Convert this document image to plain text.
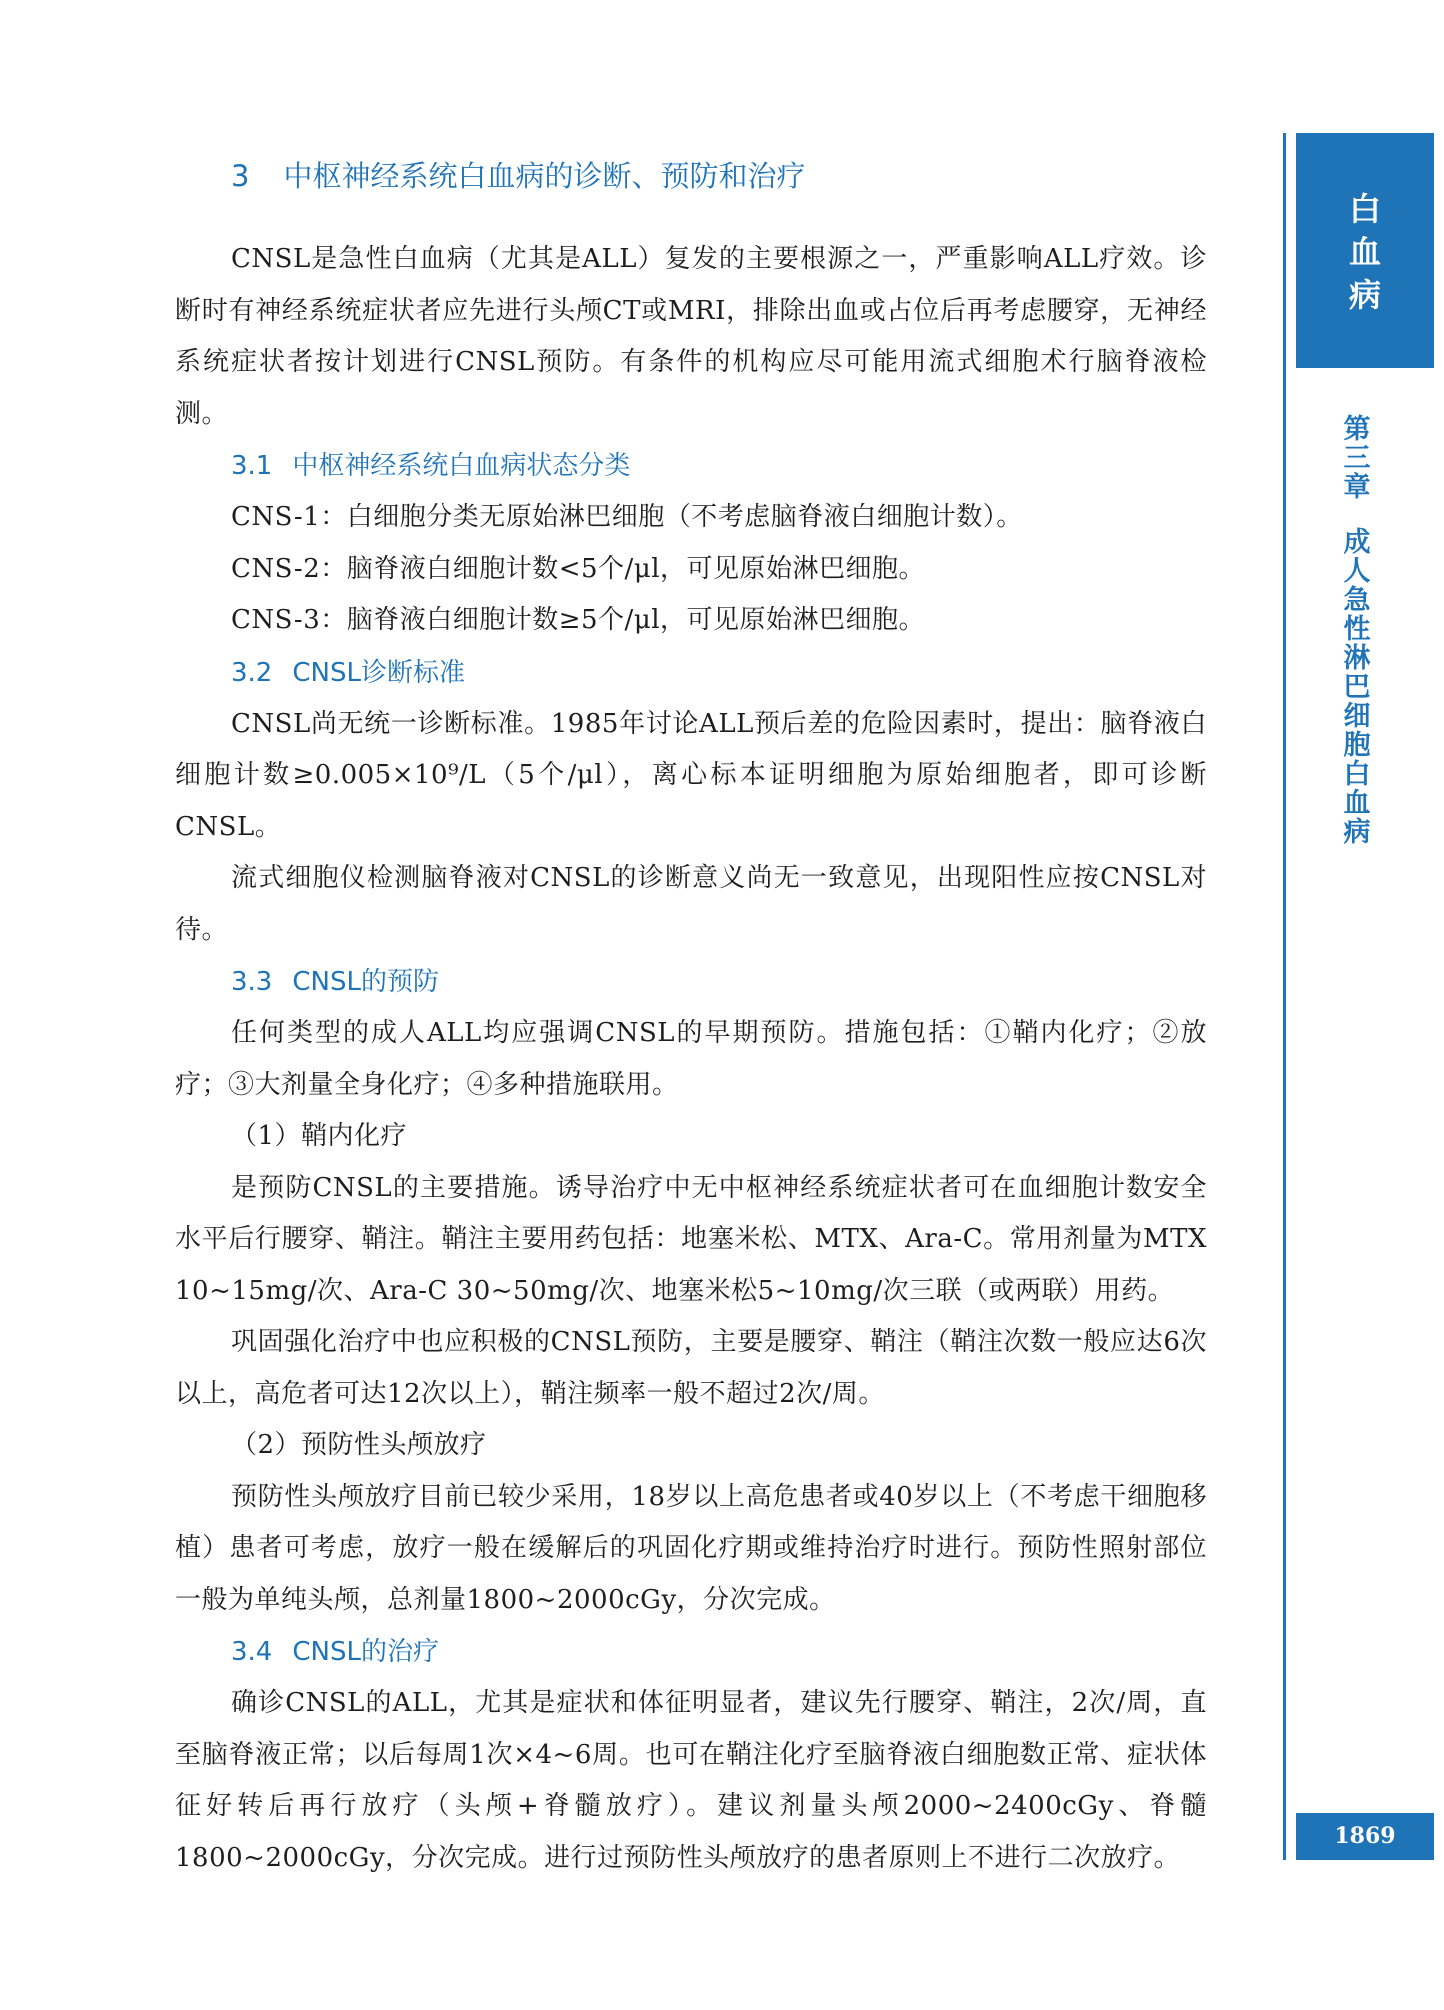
3 中枢神经系统白血病的诊断、预防和治疗

CNSL是急性白血病（尤其是ALL）复发的主要根源之一，严重影响ALL疗效。诊断时有神经系统症状者应先进行头颅CT或MRI，排除出血或占位后再考虑腰穿，无神经系统症状者按计划进行CNSL预防。有条件的机构应尽可能用流式细胞术行脑脊液检测。

3.1 中枢神经系统白血病状态分类
CNS-1：白细胞分类无原始淋巴细胞（不考虑脑脊液白细胞计数）。
CNS-2：脑脊液白细胞计数<5个/μl，可见原始淋巴细胞。
CNS-3：脑脊液白细胞计数≥5个/μl，可见原始淋巴细胞。
3.2 CNSL诊断标准

CNSL尚无统一诊断标准。1985年讨论ALL预后差的危险因素时，提出：脑脊液白细胞计数≥0.005×10⁹/L（5个/μl），离心标本证明细胞为原始细胞者，即可诊断CNSL。

流式细胞仪检测脑脊液对CNSL的诊断意义尚无一致意见，出现阳性应按CNSL对待。

3.3 CNSL的预防

任何类型的成人ALL均应强调CNSL的早期预防。措施包括：①鞘内化疗；②放疗；③大剂量全身化疗；④多种措施联用。

（1）鞘内化疗

是预防CNSL的主要措施。诱导治疗中无中枢神经系统症状者可在血细胞计数安全水平后行腰穿、鞘注。鞘注主要用药包括：地塞米松、MTX、Ara-C。常用剂量为MTX 10~15mg/次、Ara-C 30~50mg/次、地塞米松5~10mg/次三联（或两联）用药。

巩固强化治疗中也应积极的CNSL预防，主要是腰穿、鞘注（鞘注次数一般应达6次以上，高危者可达12次以上），鞘注频率一般不超过2次/周。

（2）预防性头颅放疗

预防性头颅放疗目前已较少采用，18岁以上高危患者或40岁以上（不考虑干细胞移植）患者可考虑，放疗一般在缓解后的巩固化疗期或维持治疗时进行。预防性照射部位一般为单纯头颅，总剂量1800~2000cGy，分次完成。

3.4 CNSL的治疗

确诊CNSL的ALL，尤其是症状和体征明显者，建议先行腰穿、鞘注，2次/周，直至脑脊液正常；以后每周1次×4~6周。也可在鞘注化疗至脑脊液白细胞数正常、症状体征好转后再行放疗（头颅+脊髓放疗）。建议剂量头颅2000~2400cGy、脊髓1800~2000cGy，分次完成。进行过预防性头颅放疗的患者原则上不进行二次放疗。

白血病
第三章
成人急性淋巴细胞白血病
1869
